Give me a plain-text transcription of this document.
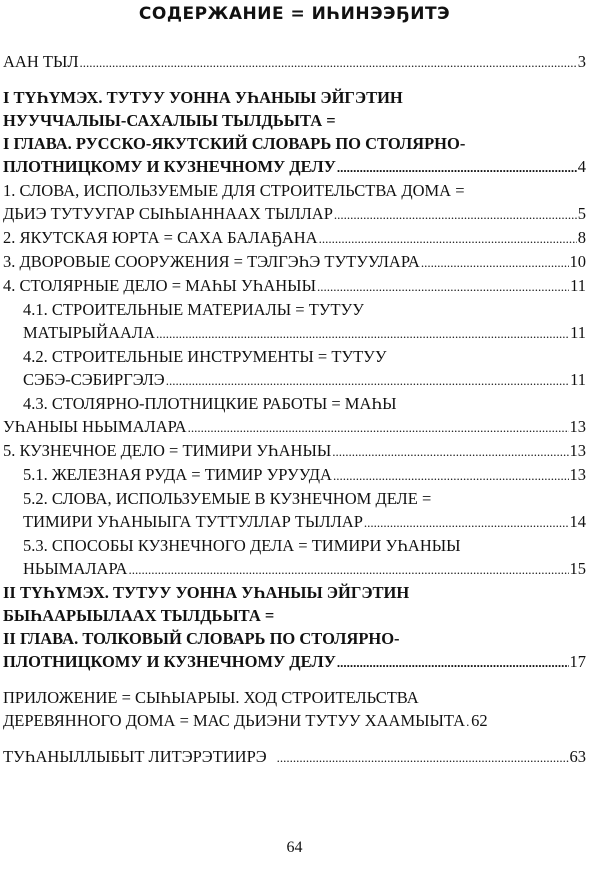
СОДЕРЖАНИЕ = ИҺИНЭЭҔИТЭ
ААН ТЫЛ .....	3
I ТҮҺҮМЭХ. ТУТУУ УОННА УҺАНЫЫ ЭЙГЭТИН
НУУЧЧАЛЫЫ-САХАЛЫЫ ТЫЛДЬЫТА =
I ГЛАВА. РУССКО-ЯКУТСКИЙ СЛОВАРЬ ПО СТОЛЯРНО-
ПЛОТНИЦКОМУ И КУЗНЕЧНОМУ ДЕЛУ .....	4
1. СЛОВА, ИСПОЛЬЗУЕМЫЕ ДЛЯ СТРОИТЕЛЬСТВА ДОМА =
ДЬИЭ ТУТУУГАР СЫҺЫАННААХ ТЫЛЛАР .....	5
2. ЯКУТСКАЯ ЮРТА = САХА БАЛАҔАНА .....	8
3. ДВОРОВЫЕ СООРУЖЕНИЯ = ТЭЛГЭҺЭ ТУТУУЛАРА .....	10
4. СТОЛЯРНЫЕ ДЕЛО = МАҺЫ УҺАНЫЫ .....	11
4.1. СТРОИТЕЛЬНЫЕ МАТЕРИАЛЫ = ТУТУУ
МАТЫРЫЙААЛА .....	11
4.2. СТРОИТЕЛЬНЫЕ ИНСТРУМЕНТЫ = ТУТУУ
СЭБЭ-СЭБИРГЭЛЭ .....	11
4.3. СТОЛЯРНО-ПЛОТНИЦКИЕ РАБОТЫ = МАҺЫ
УҺАНЫЫ НЬЫМАЛАРА .....	13
5. КУЗНЕЧНОЕ ДЕЛО = ТИМИРИ УҺАНЫЫ .....	13
5.1. ЖЕЛЕЗНАЯ РУДА = ТИМИР УРУУДА .....	13
5.2. СЛОВА, ИСПОЛЬЗУЕМЫЕ В КУЗНЕЧНОМ ДЕЛЕ =
ТИМИРИ УҺАНЫЫГА ТУТТУЛЛАР ТЫЛЛАР .....	14
5.3. СПОСОБЫ КУЗНЕЧНОГО ДЕЛА = ТИМИРИ УҺАНЫЫ
НЬЫМАЛАРА .....	15
II ТҮҺҮМЭХ. ТУТУУ УОННА УҺАНЫЫ ЭЙГЭТИН
БЫҺААРЫЫЛААХ ТЫЛДЬЫТА =
II ГЛАВА. ТОЛКОВЫЙ СЛОВАРЬ ПО СТОЛЯРНО-
ПЛОТНИЦКОМУ И КУЗНЕЧНОМУ ДЕЛУ .....	17
ПРИЛОЖЕНИЕ = СЫҺЫАРЫЫ. ХОД СТРОИТЕЛЬСТВА
ДЕРЕВЯННОГО ДОМА = МАС ДЬИЭНИ ТУТУУ ХААМЫЫТА ..... 62
ТУҺАНЫЛЛЫБЫТ ЛИТЭРЭТИИРЭ .....	63
64
